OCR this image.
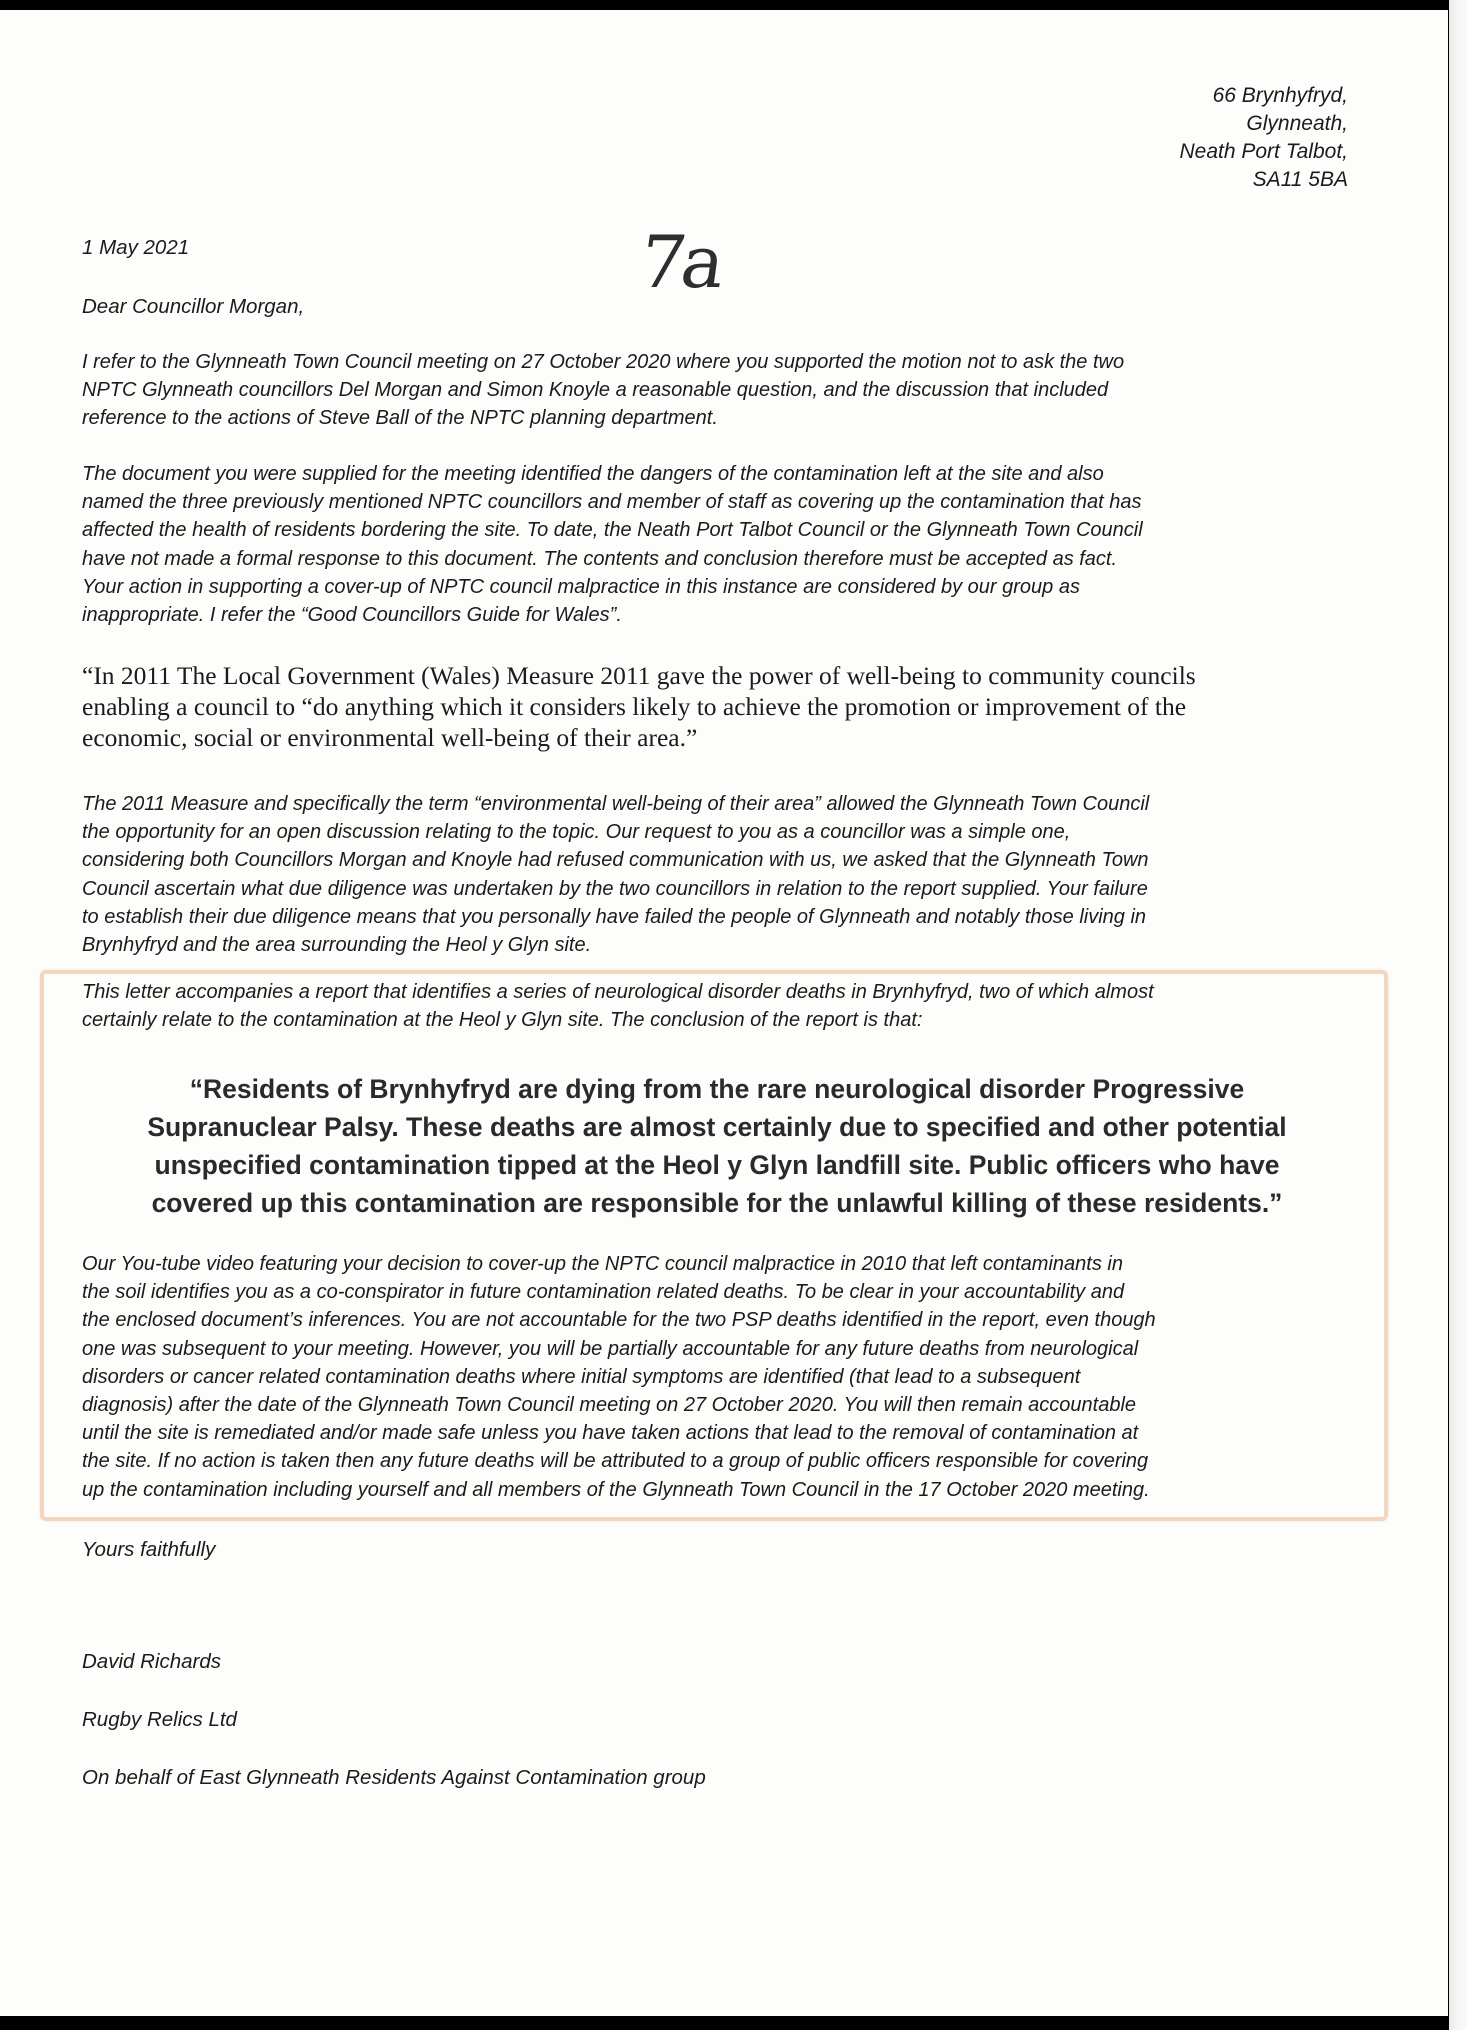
66 Brynhyfryd,
Glynneath,
Neath Port Talbot,
SA11 5BA
7a
1 May 2021
Dear Councillor Morgan,
I refer to the Glynneath Town Council meeting on 27 October 2020 where you supported the motion not to ask the two
NPTC Glynneath councillors Del Morgan and Simon Knoyle a reasonable question, and the discussion that included
reference to the actions of Steve Ball of the NPTC planning department.
The document you were supplied for the meeting identified the dangers of the contamination left at the site and also
named the three previously mentioned NPTC councillors and member of staff as covering up the contamination that has
affected the health of residents bordering the site. To date, the Neath Port Talbot Council or the Glynneath Town Council
have not made a formal response to this document. The contents and conclusion therefore must be accepted as fact.
Your action in supporting a cover-up of NPTC council malpractice in this instance are considered by our group as
inappropriate. I refer the “Good Councillors Guide for Wales”.
“In 2011 The Local Government (Wales) Measure 2011 gave the power of well-being to community councils
enabling a council to “do anything which it considers likely to achieve the promotion or improvement of the
economic, social or environmental well-being of their area.”
The 2011 Measure and specifically the term “environmental well-being of their area” allowed the Glynneath Town Council
the opportunity for an open discussion relating to the topic. Our request to you as a councillor was a simple one,
considering both Councillors Morgan and Knoyle had refused communication with us, we asked that the Glynneath Town
Council ascertain what due diligence was undertaken by the two councillors in relation to the report supplied. Your failure
to establish their due diligence means that you personally have failed the people of Glynneath and notably those living in
Brynhyfryd and the area surrounding the Heol y Glyn site.
This letter accompanies a report that identifies a series of neurological disorder deaths in Brynhyfryd, two of which almost
certainly relate to the contamination at the Heol y Glyn site. The conclusion of the report is that:
“Residents of Brynhyfryd are dying from the rare neurological disorder Progressive
Supranuclear Palsy. These deaths are almost certainly due to specified and other potential
unspecified contamination tipped at the Heol y Glyn landfill site. Public officers who have
covered up this contamination are responsible for the unlawful killing of these residents.”
Our You-tube video featuring your decision to cover-up the NPTC council malpractice in 2010 that left contaminants in
the soil identifies you as a co-conspirator in future contamination related deaths. To be clear in your accountability and
the enclosed document’s inferences. You are not accountable for the two PSP deaths identified in the report, even though
one was subsequent to your meeting. However, you will be partially accountable for any future deaths from neurological
disorders or cancer related contamination deaths where initial symptoms are identified (that lead to a subsequent
diagnosis) after the date of the Glynneath Town Council meeting on 27 October 2020. You will then remain accountable
until the site is remediated and/or made safe unless you have taken actions that lead to the removal of contamination at
the site. If no action is taken then any future deaths will be attributed to a group of public officers responsible for covering
up the contamination including yourself and all members of the Glynneath Town Council in the 17 October 2020 meeting.
Yours faithfully
David Richards
Rugby Relics Ltd
On behalf of East Glynneath Residents Against Contamination group
